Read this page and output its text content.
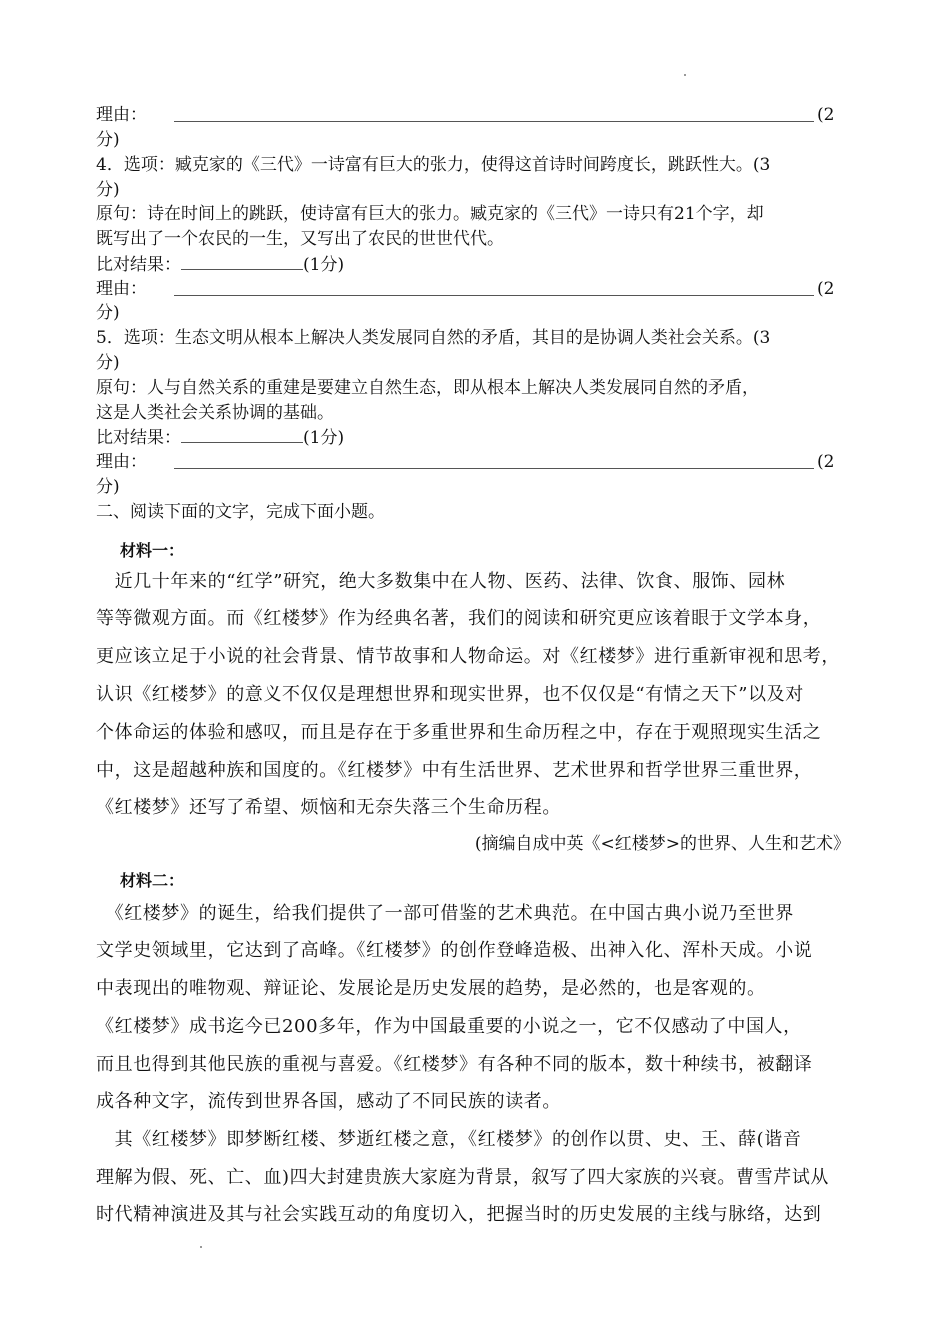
理由：	(2
分)
4．选项：臧克家的《三代》一诗富有巨大的张力，使得这首诗时间跨度长，跳跃性大。(3
分)
原句：诗在时间上的跳跃，使诗富有巨大的张力。臧克家的《三代》一诗只有21个字，却
既写出了一个农民的一生，又写出了农民的世世代代。
比对结果：	(1分)
理由：	(2
分)
5．选项：生态文明从根本上解决人类发展同自然的矛盾，其目的是协调人类社会关系。(3
分)
原句：人与自然关系的重建是要建立自然生态，即从根本上解决人类发展同自然的矛盾，
这是人类社会关系协调的基础。
比对结果：	(1分)
理由：	(2
分)
二、阅读下面的文字，完成下面小题。
材料一：
　近几十年来的“红学”研究，绝大多数集中在人物、医药、法律、饮食、服饰、园林
等等微观方面。而《红楼梦》作为经典名著，我们的阅读和研究更应该着眼于文学本身，
更应该立足于小说的社会背景、情节故事和人物命运。对《红楼梦》进行重新审视和思考，
认识《红楼梦》的意义不仅仅是理想世界和现实世界，也不仅仅是“有情之天下”以及对
个体命运的体验和感叹，而且是存在于多重世界和生命历程之中，存在于观照现实生活之
中，这是超越种族和国度的。《红楼梦》中有生活世界、艺术世界和哲学世界三重世界，
《红楼梦》还写了希望、烦恼和无奈失落三个生命历程。
(摘编自成中英《<红楼梦>的世界、人生和艺术》
材料二：
　《红楼梦》的诞生，给我们提供了一部可借鉴的艺术典范。在中国古典小说乃至世界
文学史领域里，它达到了高峰。《红楼梦》的创作登峰造极、出神入化、浑朴天成。小说
中表现出的唯物观、辩证论、发展论是历史发展的趋势，是必然的，也是客观的。
《红楼梦》成书迄今已200多年，作为中国最重要的小说之一，它不仅感动了中国人，
而且也得到其他民族的重视与喜爱。《红楼梦》有各种不同的版本，数十种续书，被翻译
成各种文字，流传到世界各国，感动了不同民族的读者。
　其《红楼梦》即梦断红楼、梦逝红楼之意，《红楼梦》的创作以贯、史、王、薛(谐音
理解为假、死、亡、血)四大封建贵族大家庭为背景，叙写了四大家族的兴衰。曹雪芹试从
时代精神演进及其与社会实践互动的角度切入，把握当时的历史发展的主线与脉络，达到
